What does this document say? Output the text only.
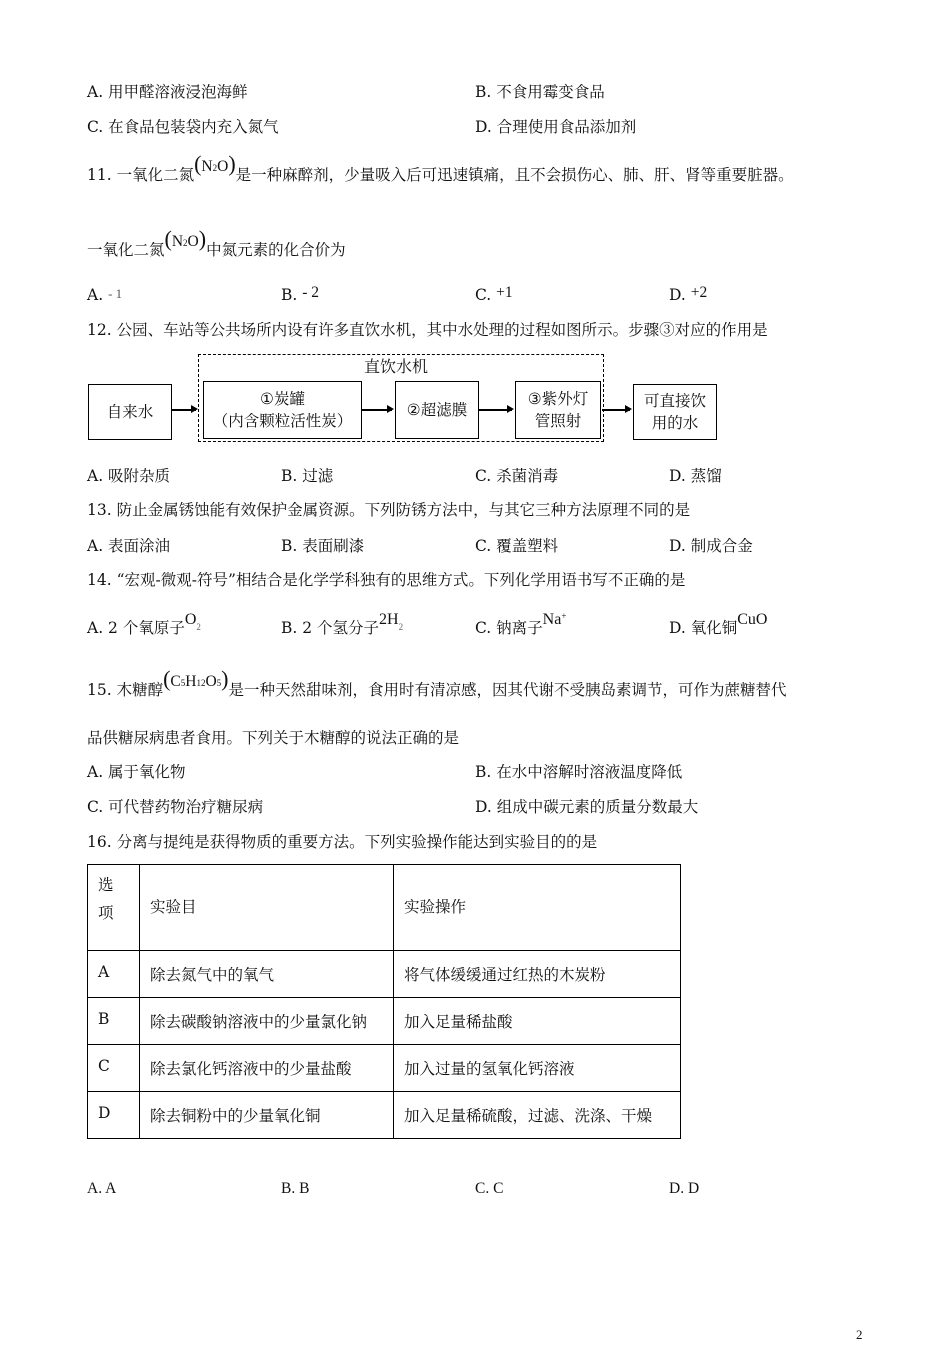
A. 用甲醛溶液浸泡海鲜	B. 不食用霉变食品
C. 在食品包装袋内充入氮气	D. 合理使用食品添加剂
11. 一氧化二氮(N2O)是一种麻醉剂，少量吸入后可迅速镇痛，且不会损伤心、肺、肝、肾等重要脏器。
一氧化二氮(N2O)中氮元素的化合价为
A. - 1	B. - 2	C. +1	D. +2
12. 公园、车站等公共场所内设有许多直饮水机，其中水处理的过程如图所示。步骤③对应的作用是
直饮水机
自来水
①炭罐
（内含颗粒活性炭）
②超滤膜
③紫外灯
管照射
可直接饮
用的水
A. 吸附杂质	B. 过滤	C. 杀菌消毒	D. 蒸馏
13. 防止金属锈蚀能有效保护金属资源。下列防锈方法中，与其它三种方法原理不同的是
A. 表面涂油	B. 表面刷漆	C. 覆盖塑料	D. 制成合金
14. “宏观-微观-符号”相结合是化学学科独有的思维方式。下列化学用语书写不正确的是
A. 2 个氧原子O2	B. 2 个氢分子2H2	C. 钠离子Na+
D. 氧化铜CuO
15. 木糖醇(C5H12O5)是一种天然甜味剂，食用时有清凉感，因其代谢不受胰岛素调节，可作为蔗糖替代
品供糖尿病患者食用。下列关于木糖醇的说法正确的是
A. 属于氧化物	B. 在水中溶解时溶液温度降低
C. 可代替药物治疗糖尿病	D. 组成中碳元素的质量分数最大
16. 分离与提纯是获得物质的重要方法。下列实验操作能达到实验目的的是
选
项	实验目	实验操作
A	除去氮气中的氧气	将气体缓缓通过红热的木炭粉
B	除去碳酸钠溶液中的少量氯化钠	加入足量稀盐酸
C	除去氯化钙溶液中的少量盐酸	加入过量的氢氧化钙溶液
D	除去铜粉中的少量氧化铜	加入足量稀硫酸，过滤、洗涤、干燥
A. A	B. B	C. C	D. D
2
